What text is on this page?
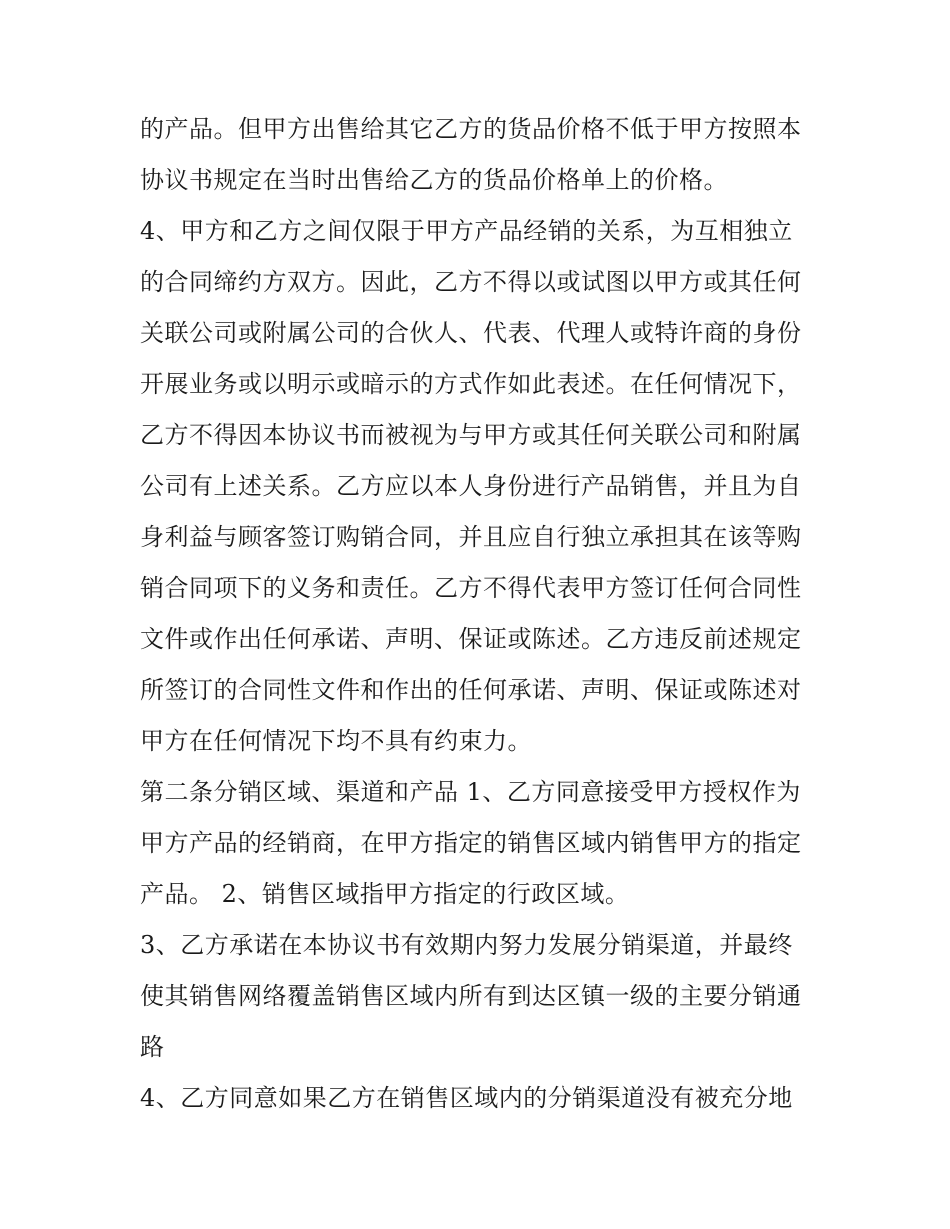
的产品。但甲方出售给其它乙方的货品价格不低于甲方按照本
协议书规定在当时出售给乙方的货品价格单上的价格。
4、甲方和乙方之间仅限于甲方产品经销的关系，为互相独立
的合同缔约方双方。因此，乙方不得以或试图以甲方或其任何
关联公司或附属公司的合伙人、代表、代理人或特许商的身份
开展业务或以明示或暗示的方式作如此表述。在任何情况下，
乙方不得因本协议书而被视为与甲方或其任何关联公司和附属
公司有上述关系。乙方应以本人身份进行产品销售，并且为自
身利益与顾客签订购销合同，并且应自行独立承担其在该等购
销合同项下的义务和责任。乙方不得代表甲方签订任何合同性
文件或作出任何承诺、声明、保证或陈述。乙方违反前述规定
所签订的合同性文件和作出的任何承诺、声明、保证或陈述对
甲方在任何情况下均不具有约束力。
第二条分销区域、渠道和产品 1、乙方同意接受甲方授权作为
甲方产品的经销商，在甲方指定的销售区域内销售甲方的指定
产品。 2、销售区域指甲方指定的行政区域。
3、乙方承诺在本协议书有效期内努力发展分销渠道，并最终
使其销售网络覆盖销售区域内所有到达区镇一级的主要分销通
路
4、乙方同意如果乙方在销售区域内的分销渠道没有被充分地
